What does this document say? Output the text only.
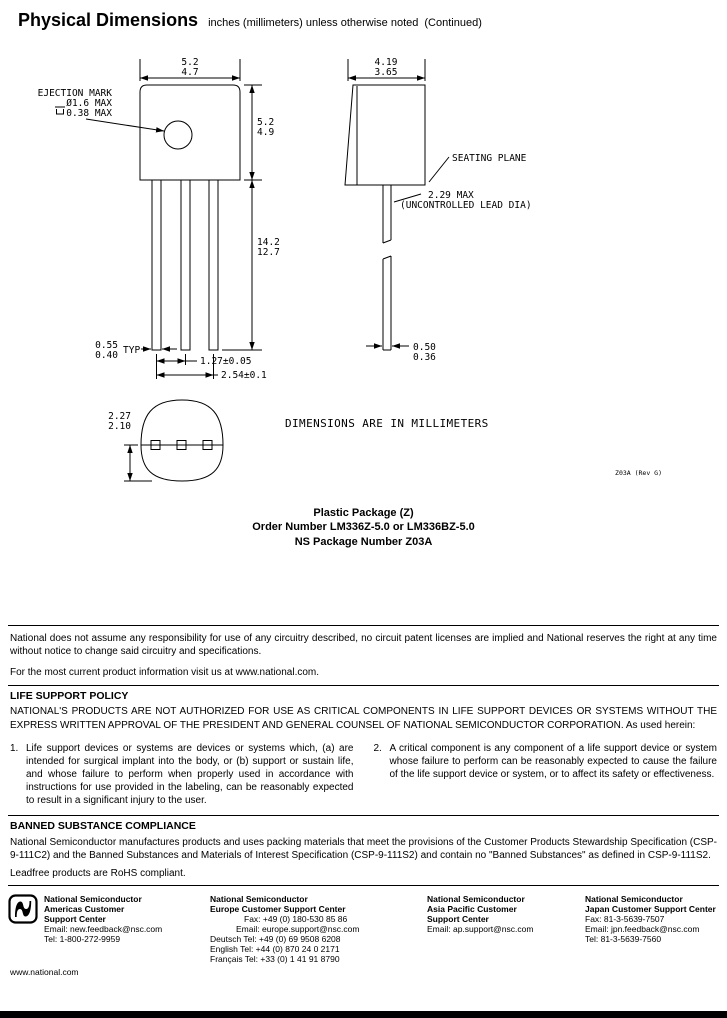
Physical Dimensions inches (millimeters) unless otherwise noted (Continued)
5.2
4.7
5.2
4.9
14.2
12.7
EJECTION MARK
Ø1.6 MAX
0.38 MAX
0.55
0.40 TYP
1.27±0.05
2.54±0.1
4.19
3.65
SEATING PLANE
2.29 MAX
(UNCONTROLLED LEAD DIA)
0.50
0.36
2.27
2.10	DIMENSIONS ARE IN MILLIMETERS
Z03A (Rev G)
Plastic Package (Z)
Order Number LM336Z-5.0 or LM336BZ-5.0
NS Package Number Z03A

National does not assume any responsibility for use of any circuitry described, no circuit patent licenses are implied and National reserves the right at any time without notice to change said circuitry and specifications.

For the most current product information visit us at www.national.com.

LIFE SUPPORT POLICY

NATIONAL'S PRODUCTS ARE NOT AUTHORIZED FOR USE AS CRITICAL COMPONENTS IN LIFE SUPPORT DEVICES OR SYSTEMS WITHOUT THE EXPRESS WRITTEN APPROVAL OF THE PRESIDENT AND GENERAL COUNSEL OF NATIONAL SEMICONDUCTOR CORPORATION. As used herein:

1. Life support devices or systems are devices or systems which, (a) are intended for surgical implant into the body, or (b) support or sustain life, and whose failure to perform when properly used in accordance with instructions for use provided in the labeling, can be reasonably expected to result in a significant injury to the user.
2. A critical component is any component of a life support device or system whose failure to perform can be reasonably expected to cause the failure of the life support device or system, or to affect its safety or effectiveness.
BANNED SUBSTANCE COMPLIANCE

National Semiconductor manufactures products and uses packing materials that meet the provisions of the Customer Products Stewardship Specification (CSP-9-111C2) and the Banned Substances and Materials of Interest Specification (CSP-9-111S2) and contain no "Banned Substances" as defined in CSP-9-111S2.

Leadfree products are RoHS compliant.

National Semiconductor
Americas Customer
Support Center
Email: new.feedback@nsc.com
Tel: 1-800-272-9959
National Semiconductor
Europe Customer Support Center
Fax: +49 (0) 180-530 85 86
Email: europe.support@nsc.com
Deutsch Tel: +49 (0) 69 9508 6208
English Tel: +44 (0) 870 24 0 2171
Français Tel: +33 (0) 1 41 91 8790
National Semiconductor
Asia Pacific Customer
Support Center
Email: ap.support@nsc.com
National Semiconductor
Japan Customer Support Center
Fax: 81-3-5639-7507
Email: jpn.feedback@nsc.com
Tel: 81-3-5639-7560
www.national.com
